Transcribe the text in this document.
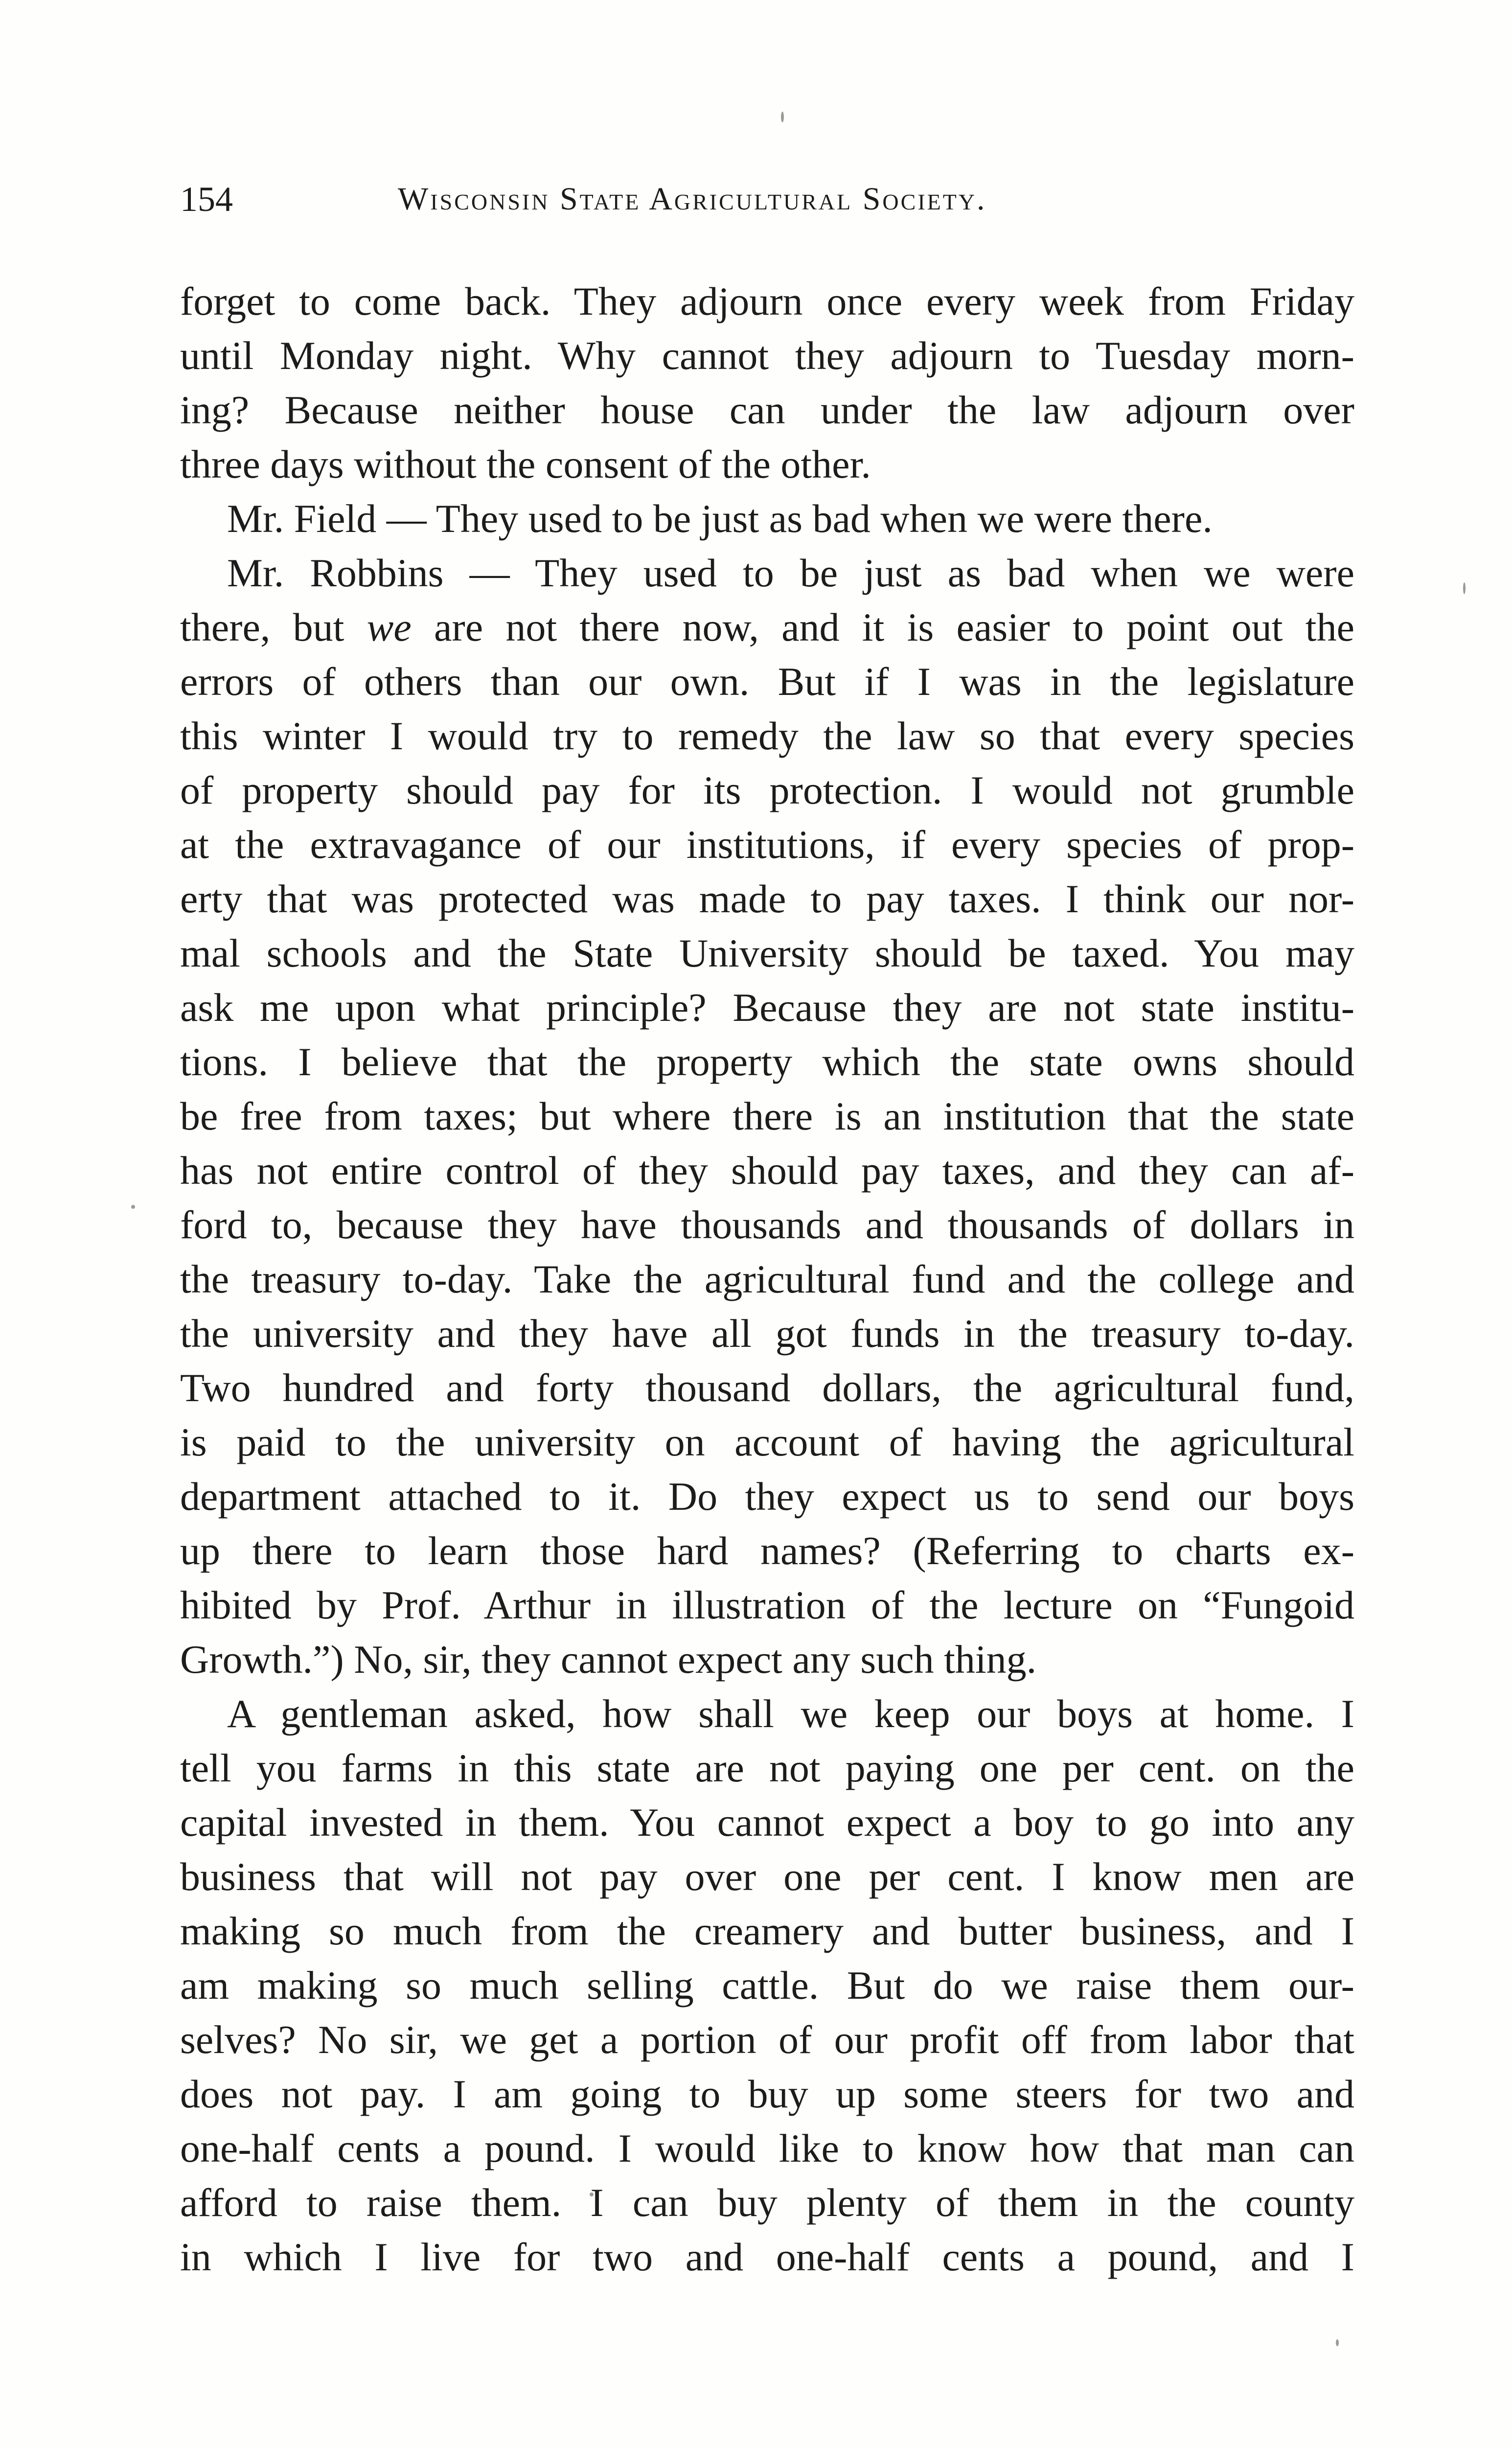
154	Wisconsin State Agricultural Society.
forget to come back. They adjourn once every week from Friday
until Monday night. Why cannot they adjourn to Tuesday morn-
ing? Because neither house can under the law adjourn over
three days without the consent of the other.
Mr. Field — They used to be just as bad when we were there.
Mr. Robbins — They used to be just as bad when we were
there, but we are not there now, and it is easier to point out the
errors of others than our own. But if I was in the legislature
this winter I would try to remedy the law so that every species
of property should pay for its protection. I would not grumble
at the extravagance of our institutions, if every species of prop-
erty that was protected was made to pay taxes. I think our nor-
mal schools and the State University should be taxed. You may
ask me upon what principle? Because they are not state institu-
tions. I believe that the property which the state owns should
be free from taxes; but where there is an institution that the state
has not entire control of they should pay taxes, and they can af-
ford to, because they have thousands and thousands of dollars in
the treasury to-day. Take the agricultural fund and the college and
the university and they have all got funds in the treasury to-day.
Two hundred and forty thousand dollars, the agricultural fund,
is paid to the university on account of having the agricultural
department attached to it. Do they expect us to send our boys
up there to learn those hard names? (Referring to charts ex-
hibited by Prof. Arthur in illustration of the lecture on “Fungoid
Growth.”) No, sir, they cannot expect any such thing.
A gentleman asked, how shall we keep our boys at home. I
tell you farms in this state are not paying one per cent. on the
capital invested in them. You cannot expect a boy to go into any
business that will not pay over one per cent. I know men are
making so much from the creamery and butter business, and I
am making so much selling cattle. But do we raise them our-
selves? No sir, we get a portion of our profit off from labor that
does not pay. I am going to buy up some steers for two and
one-half cents a pound. I would like to know how that man can
afford to raise them. I can buy plenty of them in the county
in which I live for two and one-half cents a pound, and I
